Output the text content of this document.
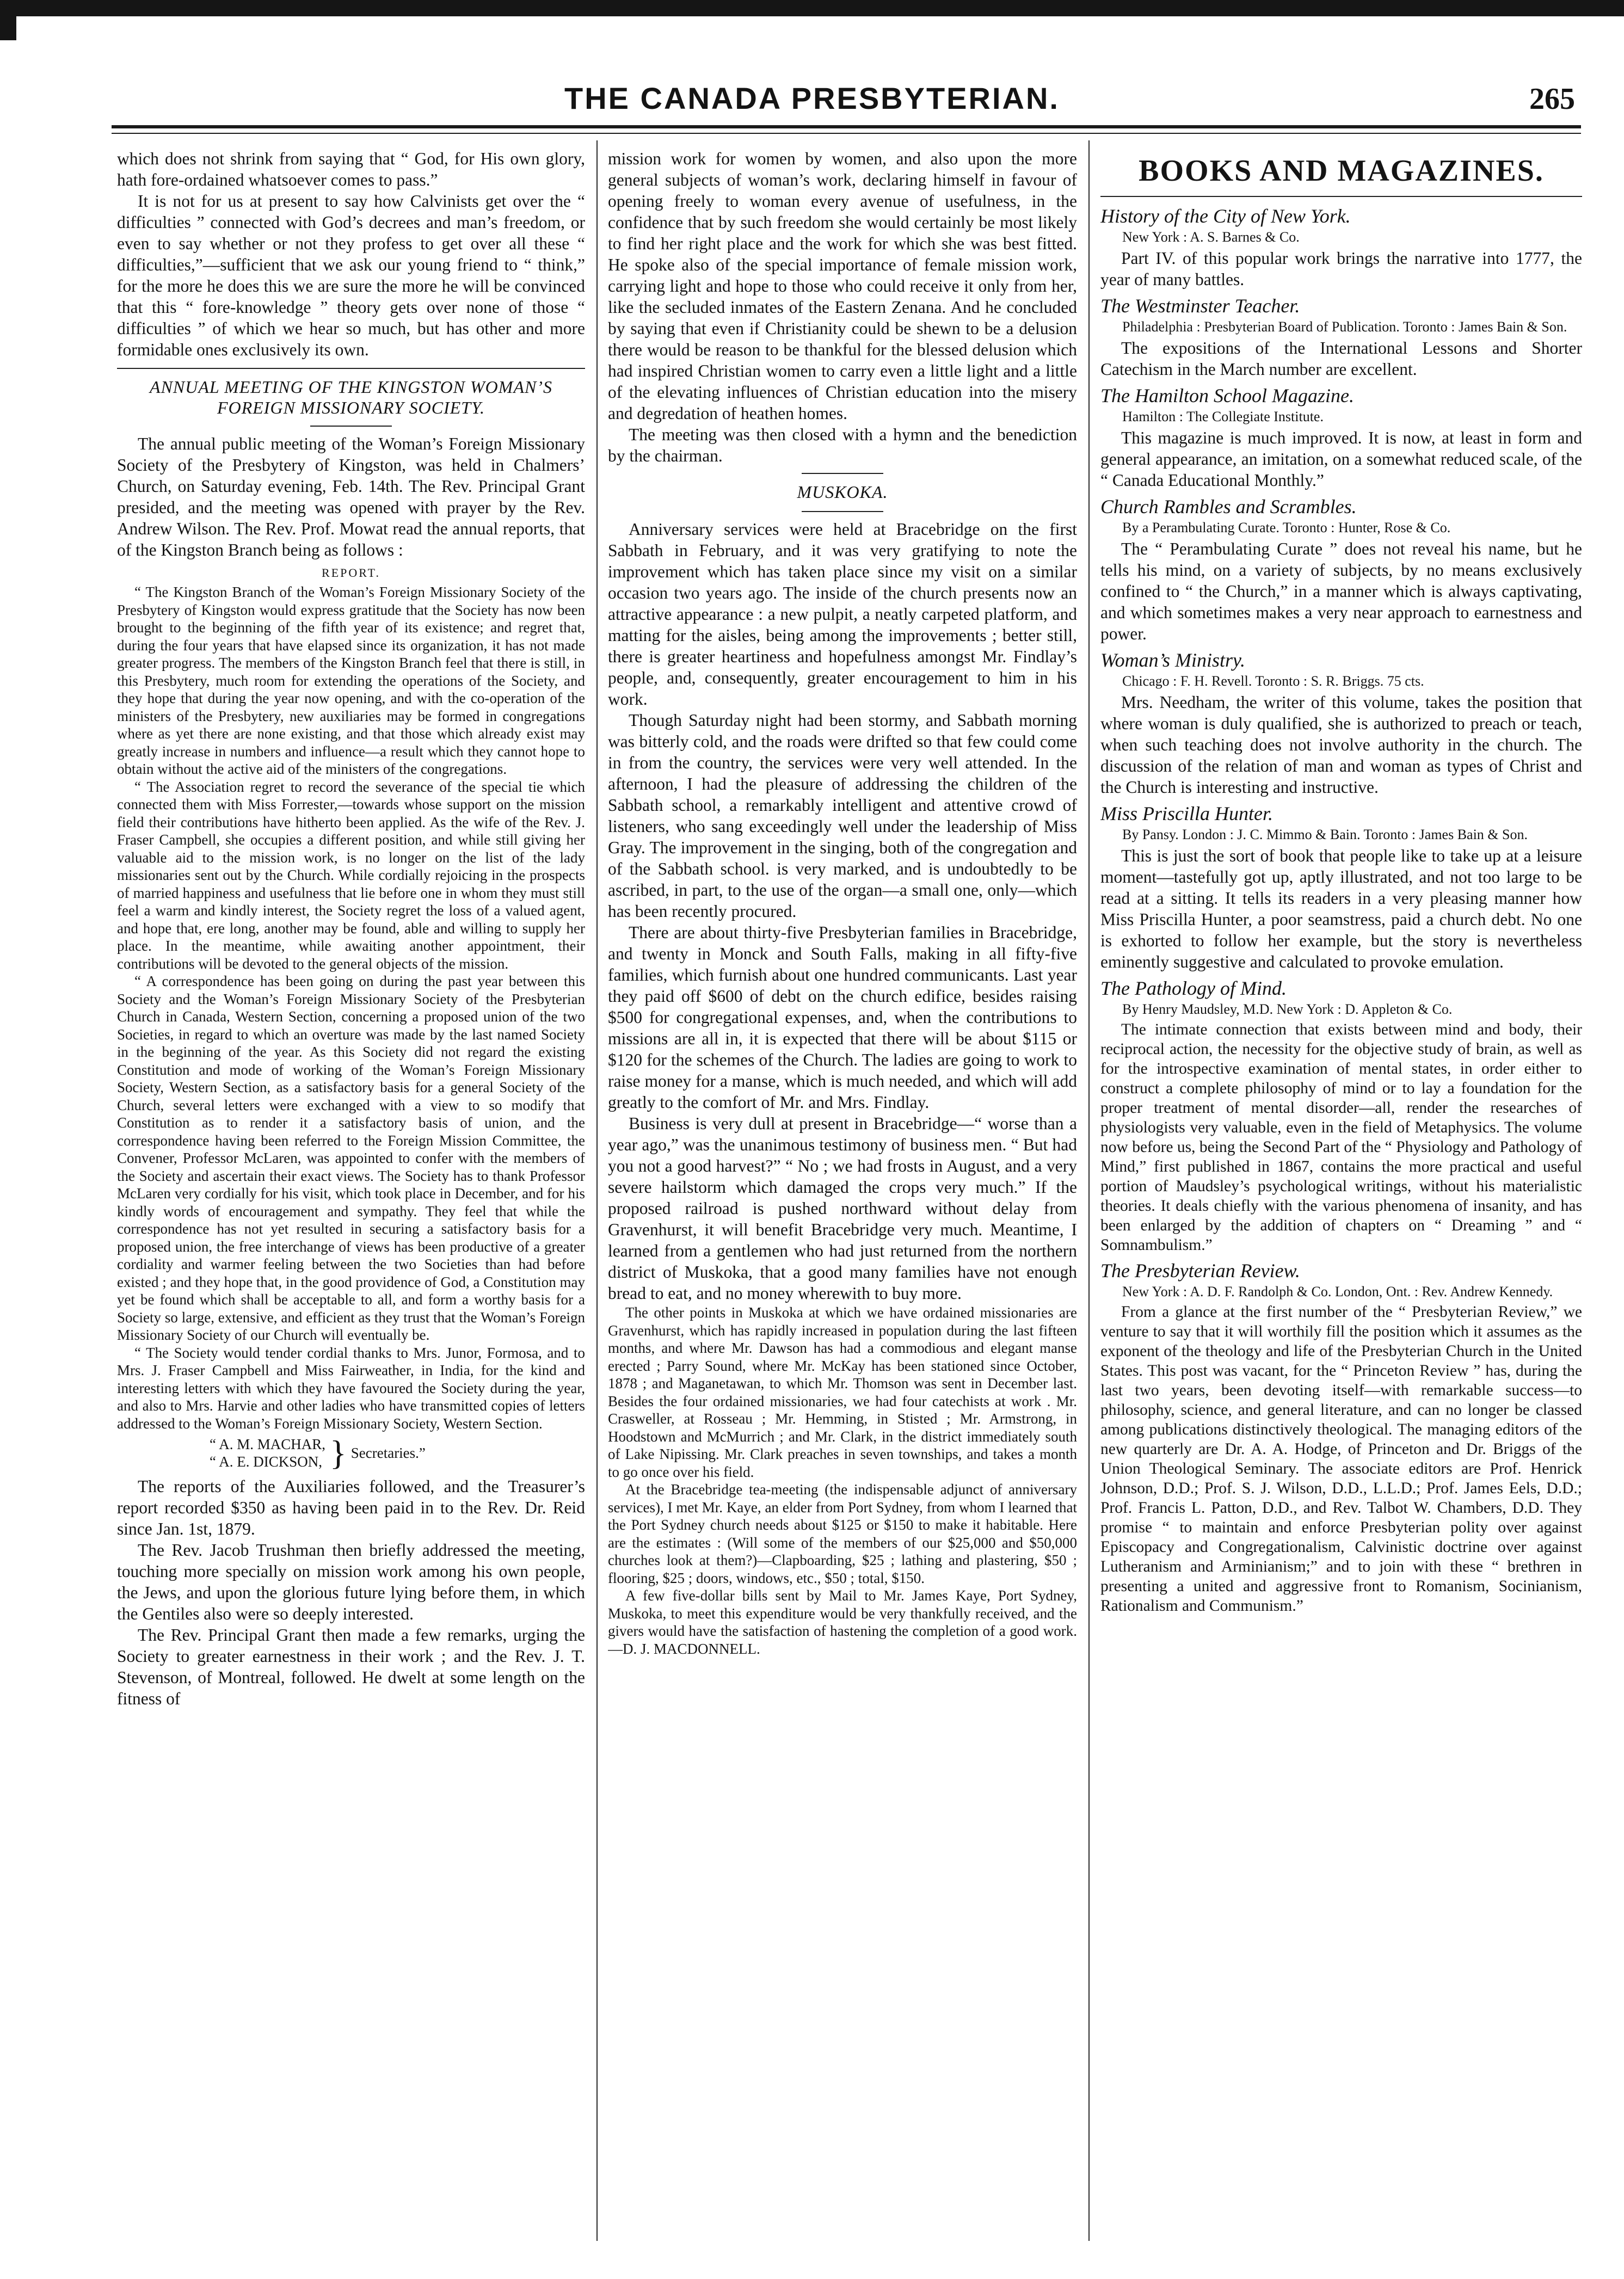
THE CANADA PRESBYTERIAN.	265

which does not shrink from saying that “ God, for His own glory, hath fore-ordained whatsoever comes to pass.”

It is not for us at present to say how Calvinists get over the “ difficulties ” connected with God’s decrees and man’s freedom, or even to say whether or not they profess to get over all these “ difficulties,”—sufficient that we ask our young friend to “ think,” for the more he does this we are sure the more he will be convinced that this “ fore-knowledge ” theory gets over none of those “ difficulties ” of which we hear so much, but has other and more formidable ones exclusively its own.

ANNUAL MEETING OF THE KINGSTON WOMAN’S FOREIGN MISSIONARY SOCIETY.

The annual public meeting of the Woman’s Foreign Missionary Society of the Presbytery of Kingston, was held in Chalmers’ Church, on Saturday evening, Feb. 14th. The Rev. Principal Grant presided, and the meeting was opened with prayer by the Rev. Andrew Wilson. The Rev. Prof. Mowat read the annual reports, that of the Kingston Branch being as follows :

REPORT.

“ The Kingston Branch of the Woman’s Foreign Missionary Society of the Presbytery of Kingston would express gratitude that the Society has now been brought to the beginning of the fifth year of its existence; and regret that, during the four years that have elapsed since its organization, it has not made greater progress. The members of the Kingston Branch feel that there is still, in this Presbytery, much room for extending the operations of the Society, and they hope that during the year now opening, and with the co-operation of the ministers of the Presbytery, new auxiliaries may be formed in congregations where as yet there are none existing, and that those which already exist may greatly increase in numbers and influence—a result which they cannot hope to obtain without the active aid of the ministers of the congregations.

“ The Association regret to record the severance of the special tie which connected them with Miss Forrester,—towards whose support on the mission field their contributions have hitherto been applied. As the wife of the Rev. J. Fraser Campbell, she occupies a different position, and while still giving her valuable aid to the mission work, is no longer on the list of the lady missionaries sent out by the Church. While cordially rejoicing in the prospects of married happiness and usefulness that lie before one in whom they must still feel a warm and kindly interest, the Society regret the loss of a valued agent, and hope that, ere long, another may be found, able and willing to supply her place. In the meantime, while awaiting another appointment, their contributions will be devoted to the general objects of the mission.

“ A correspondence has been going on during the past year between this Society and the Woman’s Foreign Missionary Society of the Presbyterian Church in Canada, Western Section, concerning a proposed union of the two Societies, in regard to which an overture was made by the last named Society in the beginning of the year. As this Society did not regard the existing Constitution and mode of working of the Woman’s Foreign Missionary Society, Western Section, as a satisfactory basis for a general Society of the Church, several letters were exchanged with a view to so modify that Constitution as to render it a satisfactory basis of union, and the correspondence having been referred to the Foreign Mission Committee, the Convener, Professor McLaren, was appointed to confer with the members of the Society and ascertain their exact views. The Society has to thank Professor McLaren very cordially for his visit, which took place in December, and for his kindly words of encouragement and sympathy. They feel that while the correspondence has not yet resulted in securing a satisfactory basis for a proposed union, the free interchange of views has been productive of a greater cordiality and warmer feeling between the two Societies than had before existed ; and they hope that, in the good providence of God, a Constitution may yet be found which shall be acceptable to all, and form a worthy basis for a Society so large, extensive, and efficient as they trust that the Woman’s Foreign Missionary Society of our Church will eventually be.

“ The Society would tender cordial thanks to Mrs. Junor, Formosa, and to Mrs. J. Fraser Campbell and Miss Fairweather, in India, for the kind and interesting letters with which they have favoured the Society during the year, and also to Mrs. Harvie and other ladies who have transmitted copies of letters addressed to the Woman’s Foreign Missionary Society, Western Section.

“ A. M. MACHAR,
“ A. E. DICKSON, } Secretaries.”

The reports of the Auxiliaries followed, and the Treasurer’s report recorded $350 as having been paid in to the Rev. Dr. Reid since Jan. 1st, 1879.

The Rev. Jacob Trushman then briefly addressed the meeting, touching more specially on mission work among his own people, the Jews, and upon the glorious future lying before them, in which the Gentiles also were so deeply interested.

The Rev. Principal Grant then made a few remarks, urging the Society to greater earnestness in their work ; and the Rev. J. T. Stevenson, of Montreal, followed. He dwelt at some length on the fitness of

mission work for women by women, and also upon the more general subjects of woman’s work, declaring himself in favour of opening freely to woman every avenue of usefulness, in the confidence that by such freedom she would certainly be most likely to find her right place and the work for which she was best fitted. He spoke also of the special importance of female mission work, carrying light and hope to those who could receive it only from her, like the secluded inmates of the Eastern Zenana. And he concluded by saying that even if Christianity could be shewn to be a delusion there would be reason to be thankful for the blessed delusion which had inspired Christian women to carry even a little light and a little of the elevating influences of Christian education into the misery and degredation of heathen homes.

The meeting was then closed with a hymn and the benediction by the chairman.

MUSKOKA.

Anniversary services were held at Bracebridge on the first Sabbath in February, and it was very gratifying to note the improvement which has taken place since my visit on a similar occasion two years ago. The inside of the church presents now an attractive appearance : a new pulpit, a neatly carpeted platform, and matting for the aisles, being among the improvements ; better still, there is greater heartiness and hopefulness amongst Mr. Findlay’s people, and, consequently, greater encouragement to him in his work.

Though Saturday night had been stormy, and Sabbath morning was bitterly cold, and the roads were drifted so that few could come in from the country, the services were very well attended. In the afternoon, I had the pleasure of addressing the children of the Sabbath school, a remarkably intelligent and attentive crowd of listeners, who sang exceedingly well under the leadership of Miss Gray. The improvement in the singing, both of the congregation and of the Sabbath school. is very marked, and is undoubtedly to be ascribed, in part, to the use of the organ—a small one, only—which has been recently procured.

There are about thirty-five Presbyterian families in Bracebridge, and twenty in Monck and South Falls, making in all fifty-five families, which furnish about one hundred communicants. Last year they paid off $600 of debt on the church edifice, besides raising $500 for congregational expenses, and, when the contributions to missions are all in, it is expected that there will be about $115 or $120 for the schemes of the Church. The ladies are going to work to raise money for a manse, which is much needed, and which will add greatly to the comfort of Mr. and Mrs. Findlay.

Business is very dull at present in Bracebridge—“ worse than a year ago,” was the unanimous testimony of business men. “ But had you not a good harvest?” “ No ; we had frosts in August, and a very severe hailstorm which damaged the crops very much.” If the proposed railroad is pushed northward without delay from Gravenhurst, it will benefit Bracebridge very much. Meantime, I learned from a gentlemen who had just returned from the northern district of Muskoka, that a good many families have not enough bread to eat, and no money wherewith to buy more.

The other points in Muskoka at which we have ordained missionaries are Gravenhurst, which has rapidly increased in population during the last fifteen months, and where Mr. Dawson has had a commodious and elegant manse erected ; Parry Sound, where Mr. McKay has been stationed since October, 1878 ; and Maganetawan, to which Mr. Thomson was sent in December last. Besides the four ordained missionaries, we had four catechists at work . Mr. Crasweller, at Rosseau ; Mr. Hemming, in Stisted ; Mr. Armstrong, in Hoodstown and McMurrich ; and Mr. Clark, in the district immediately south of Lake Nipissing. Mr. Clark preaches in seven townships, and takes a month to go once over his field.

At the Bracebridge tea-meeting (the indispensable adjunct of anniversary services), I met Mr. Kaye, an elder from Port Sydney, from whom I learned that the Port Sydney church needs about $125 or $150 to make it habitable. Here are the estimates : (Will some of the members of our $25,000 and $50,000 churches look at them?)—Clapboarding, $25 ; lathing and plastering, $50 ; flooring, $25 ; doors, windows, etc., $50 ; total, $150.

A few five-dollar bills sent by Mail to Mr. James Kaye, Port Sydney, Muskoka, to meet this expenditure would be very thankfully received, and the givers would have the satisfaction of hastening the completion of a good work.—D. J. MACDONNELL.

BOOKS AND MAGAZINES.
History of the City of New York.
New York : A. S. Barnes & Co.
Part IV. of this popular work brings the narrative into 1777, the year of many battles.
The Westminster Teacher.
Philadelphia : Presbyterian Board of Publication. Toronto : James Bain & Son.
The expositions of the International Lessons and Shorter Catechism in the March number are excellent.
The Hamilton School Magazine.
Hamilton : The Collegiate Institute.
This magazine is much improved. It is now, at least in form and general appearance, an imitation, on a somewhat reduced scale, of the “ Canada Educational Monthly.”
Church Rambles and Scrambles.
By a Perambulating Curate. Toronto : Hunter, Rose & Co.
The “ Perambulating Curate ” does not reveal his name, but he tells his mind, on a variety of subjects, by no means exclusively confined to “ the Church,” in a manner which is always captivating, and which sometimes makes a very near approach to earnestness and power.
Woman’s Ministry.
Chicago : F. H. Revell. Toronto : S. R. Briggs. 75 cts.
Mrs. Needham, the writer of this volume, takes the position that where woman is duly qualified, she is authorized to preach or teach, when such teaching does not involve authority in the church. The discussion of the relation of man and woman as types of Christ and the Church is interesting and instructive.
Miss Priscilla Hunter.
By Pansy. London : J. C. Mimmo & Bain. Toronto : James Bain & Son.
This is just the sort of book that people like to take up at a leisure moment—tastefully got up, aptly illustrated, and not too large to be read at a sitting. It tells its readers in a very pleasing manner how Miss Priscilla Hunter, a poor seamstress, paid a church debt. No one is exhorted to follow her example, but the story is nevertheless eminently suggestive and calculated to provoke emulation.
The Pathology of Mind.
By Henry Maudsley, M.D. New York : D. Appleton & Co.
The intimate connection that exists between mind and body, their reciprocal action, the necessity for the objective study of brain, as well as for the introspective examination of mental states, in order either to construct a complete philosophy of mind or to lay a foundation for the proper treatment of mental disorder—all, render the researches of physiologists very valuable, even in the field of Metaphysics. The volume now before us, being the Second Part of the “ Physiology and Pathology of Mind,” first published in 1867, contains the more practical and useful portion of Maudsley’s psychological writings, without his materialistic theories. It deals chiefly with the various phenomena of insanity, and has been enlarged by the addition of chapters on “ Dreaming ” and “ Somnambulism.”
The Presbyterian Review.
New York : A. D. F. Randolph & Co. London, Ont. : Rev. Andrew Kennedy.
From a glance at the first number of the “ Presbyterian Review,” we venture to say that it will worthily fill the position which it assumes as the exponent of the theology and life of the Presbyterian Church in the United States. This post was vacant, for the “ Princeton Review ” has, during the last two years, been devoting itself—with remarkable success—to philosophy, science, and general literature, and can no longer be classed among publications distinctively theological. The managing editors of the new quarterly are Dr. A. A. Hodge, of Princeton and Dr. Briggs of the Union Theological Seminary. The associate editors are Prof. Henrick Johnson, D.D.; Prof. S. J. Wilson, D.D., L.L.D.; Prof. James Eels, D.D.; Prof. Francis L. Patton, D.D., and Rev. Talbot W. Chambers, D.D. They promise “ to maintain and enforce Presbyterian polity over against Episcopacy and Congregationalism, Calvinistic doctrine over against Lutheranism and Arminianism;” and to join with these “ brethren in presenting a united and aggressive front to Romanism, Socinianism, Rationalism and Communism.”
